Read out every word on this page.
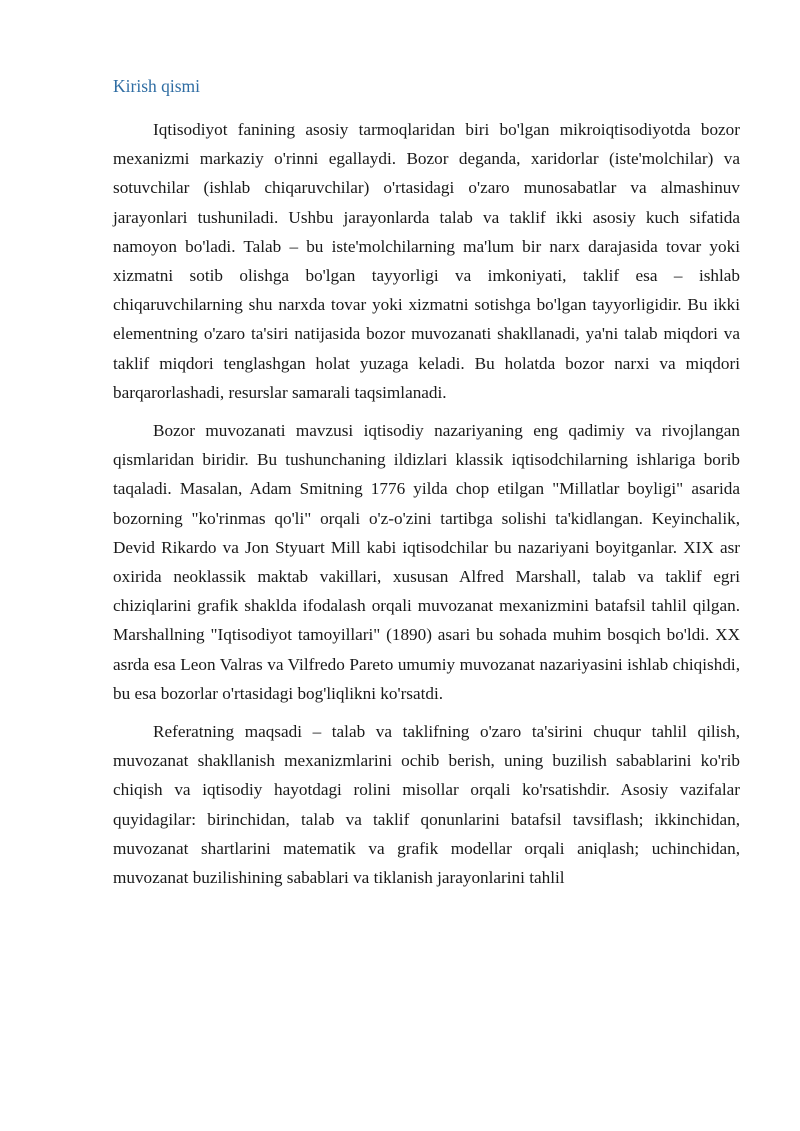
Kirish qismi

Iqtisodiyot fanining asosiy tarmoqlaridan biri bo'lgan mikroiqtisodiyotda bozor mexanizmi markaziy o'rinni egallaydi. Bozor deganda, xaridorlar (iste'molchilar) va sotuvchilar (ishlab chiqaruvchilar) o'rtasidagi o'zaro munosabatlar va almashinuv jarayonlari tushuniladi. Ushbu jarayonlarda talab va taklif ikki asosiy kuch sifatida namoyon bo'ladi. Talab – bu iste'molchilarning ma'lum bir narx darajasida tovar yoki xizmatni sotib olishga bo'lgan tayyorligi va imkoniyati, taklif esa – ishlab chiqaruvchilarning shu narxda tovar yoki xizmatni sotishga bo'lgan tayyorligidir. Bu ikki elementning o'zaro ta'siri natijasida bozor muvozanati shakllanadi, ya'ni talab miqdori va taklif miqdori tenglashgan holat yuzaga keladi. Bu holatda bozor narxi va miqdori barqarorlashadi, resurslar samarali taqsimlanadi.

Bozor muvozanati mavzusi iqtisodiy nazariyaning eng qadimiy va rivojlangan qismlaridan biridir. Bu tushunchaning ildizlari klassik iqtisodchilarning ishlariga borib taqaladi. Masalan, Adam Smitning 1776 yilda chop etilgan "Millatlar boyligi" asarida bozorning "ko'rinmas qo'li" orqali o'z-o'zini tartibga solishi ta'kidlangan. Keyinchalik, Devid Rikardo va Jon Styuart Mill kabi iqtisodchilar bu nazariyani boyitganlar. XIX asr oxirida neoklassik maktab vakillari, xususan Alfred Marshall, talab va taklif egri chiziqlarini grafik shaklda ifodalash orqali muvozanat mexanizmini batafsil tahlil qilgan. Marshallning "Iqtisodiyot tamoyillari" (1890) asari bu sohada muhim bosqich bo'ldi. XX asrda esa Leon Valras va Vilfredo Pareto umumiy muvozanat nazariyasini ishlab chiqishdi, bu esa bozorlar o'rtasidagi bog'liqlikni ko'rsatdi.

Referatning maqsadi – talab va taklifning o'zaro ta'sirini chuqur tahlil qilish, muvozanat shakllanish mexanizmlarini ochib berish, uning buzilish sabablarini ko'rib chiqish va iqtisodiy hayotdagi rolini misollar orqali ko'rsatishdir. Asosiy vazifalar quyidagilar: birinchidan, talab va taklif qonunlarini batafsil tavsiflash; ikkinchidan, muvozanat shartlarini matematik va grafik modellar orqali aniqlash; uchinchidan, muvozanat buzilishining sabablari va tiklanish jarayonlarini tahlil
